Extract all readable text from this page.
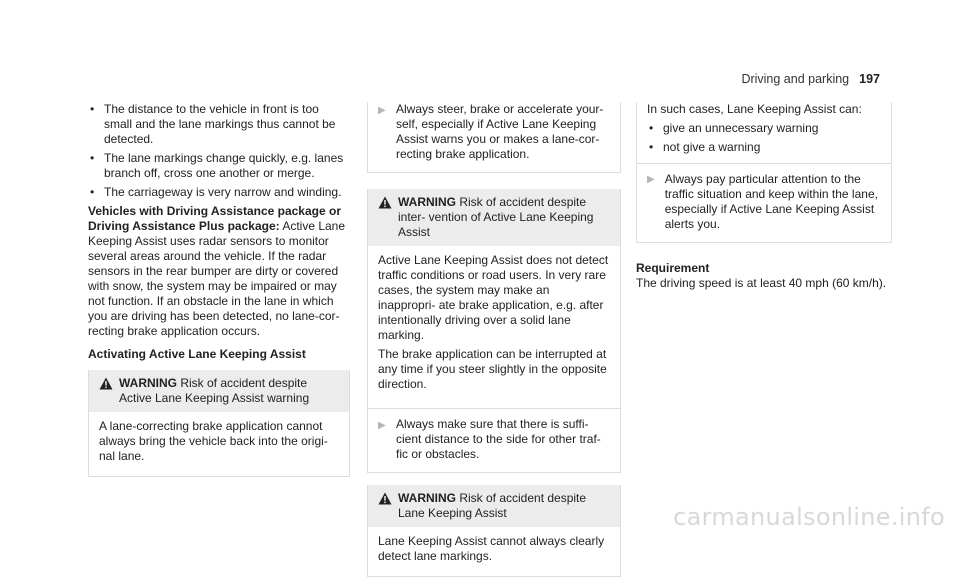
Driving and parking 197
• The distance to the vehicle in front is too small and the lane markings thus cannot be detected.
• The lane markings change quickly, e.g. lanes branch off, cross one another or merge.
• The carriageway is very narrow and winding.

Vehicles with Driving Assistance package or Driving Assistance Plus package: Active Lane Keeping Assist uses radar sensors to monitor several areas around the vehicle. If the radar sensors in the rear bumper are dirty or covered with snow, the system may be impaired or may not function. If an obstacle in the lane in which you are driving has been detected, no lane-cor- recting brake application occurs.

Activating Active Lane Keeping Assist

WARNING Risk of accident despite Active Lane Keeping Assist warning

A lane-correcting brake application cannot always bring the vehicle back into the origi- nal lane.

▶ Always steer, brake or accelerate your- self, especially if Active Lane Keeping Assist warns you or makes a lane-cor- recting brake application.
WARNING Risk of accident despite inter- vention of Active Lane Keeping Assist

Active Lane Keeping Assist does not detect traffic conditions or road users. In very rare cases, the system may make an inappropri- ate brake application, e.g. after intentionally driving over a solid lane marking.

The brake application can be interrupted at any time if you steer slightly in the opposite direction.

▶ Always make sure that there is suffi- cient distance to the side for other traf- fic or obstacles.
WARNING Risk of accident despite Lane Keeping Assist

Lane Keeping Assist cannot always clearly detect lane markings.

In such cases, Lane Keeping Assist can:

• give an unnecessary warning
• not give a warning
▶ Always pay particular attention to the traffic situation and keep within the lane, especially if Active Lane Keeping Assist alerts you.

Requirement

The driving speed is at least 40 mph (60 km/h).

carmanualsonline.info
